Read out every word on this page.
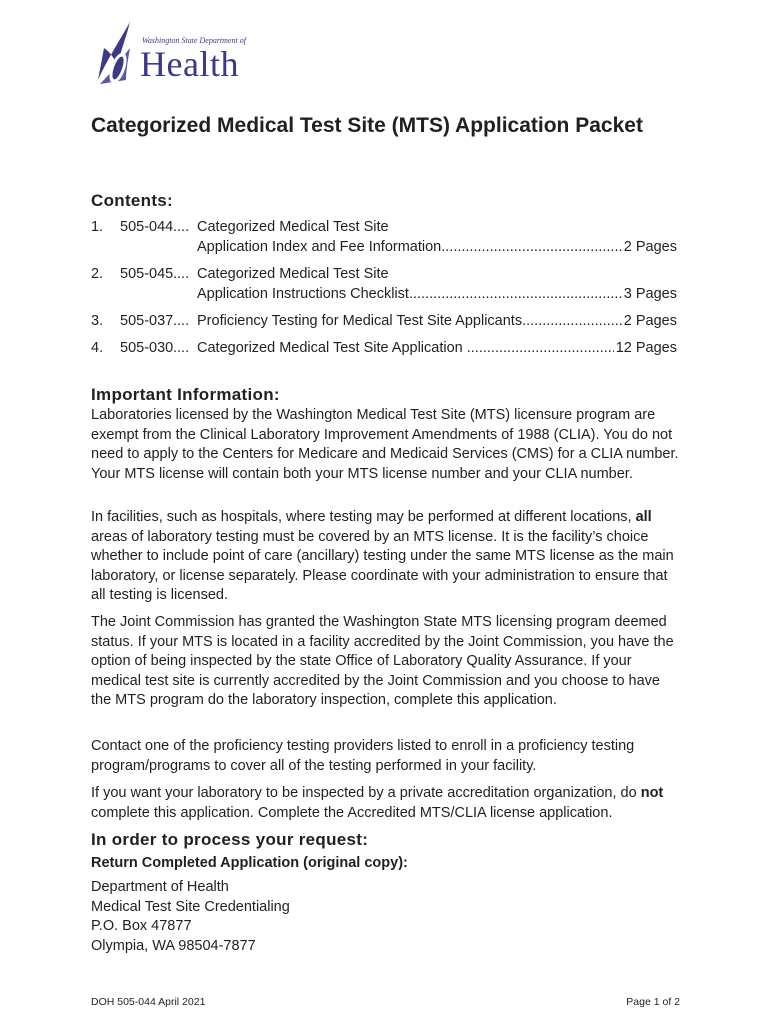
Washington State Department of
Health
Categorized Medical Test Site (MTS) Application Packet
Contents:
1. 505-044 .... Categorized Medical Test Site
Application Index and Fee Information .....	2 Pages
2. 505-045 .... Categorized Medical Test Site
Application Instructions Checklist .....	3 Pages
3. 505-037 .... Proficiency Testing for Medical Test Site Applicants .....	2 Pages
4. 505-030 .... Categorized Medical Test Site Application .....	12 Pages
Important Information:

Laboratories licensed by the Washington Medical Test Site (MTS) licensure program are exempt from the Clinical Laboratory Improvement Amendments of 1988 (CLIA). You do not need to apply to the Centers for Medicare and Medicaid Services (CMS) for a CLIA number. Your MTS license will contain both your MTS license number and your CLIA number.

In facilities, such as hospitals, where testing may be performed at different locations, all areas of laboratory testing must be covered by an MTS license. It is the facility’s choice whether to include point of care (ancillary) testing under the same MTS license as the main laboratory, or license separately. Please coordinate with your administration to ensure that all testing is licensed.

The Joint Commission has granted the Washington State MTS licensing program deemed status. If your MTS is located in a facility accredited by the Joint Commission, you have the option of being inspected by the state Office of Laboratory Quality Assurance. If your medical test site is currently accredited by the Joint Commission and you choose to have the MTS program do the laboratory inspection, complete this application.

Contact one of the proficiency testing providers listed to enroll in a proficiency testing program/programs to cover all of the testing performed in your facility.

If you want your laboratory to be inspected by a private accreditation organization, do not complete this application. Complete the Accredited MTS/CLIA license application.

In order to process your request:
Return Completed Application (original copy):
Department of Health
Medical Test Site Credentialing
P.O. Box 47877
Olympia, WA 98504-7877
DOH 505-044 April 2021	Page 1 of 2
